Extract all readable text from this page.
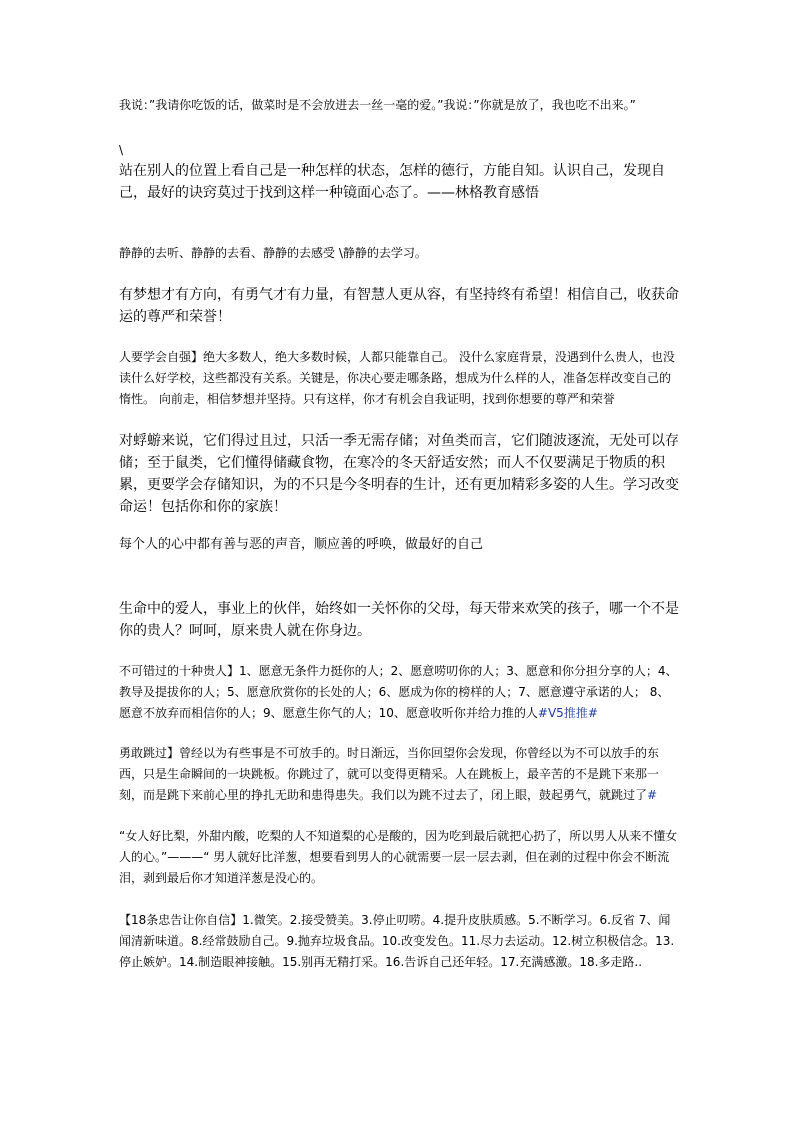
我说：”我请你吃饭的话，做菜时是不会放进去一丝一毫的爱。”我说：”你就是放了，我也吃不出来。”

\

站在别人的位置上看自己是一种怎样的状态，怎样的德行，方能自知。认识自己，发现自己，最好的诀窍莫过于找到这样一种镜面心态了。——林格教育感悟

静静的去听、静静的去看、静静的去感受 \静静的去学习。

有梦想才有方向，有勇气才有力量，有智慧人更从容，有坚持终有希望！相信自己，收获命运的尊严和荣誉！

人要学会自强】绝大多数人，绝大多数时候，人都只能靠自己。 没什么家庭背景，没遇到什么贵人，也没读什么好学校，这些都没有关系。关键是，你决心要走哪条路，想成为什么样的人，准备怎样改变自己的惰性。 向前走，相信梦想并坚持。只有这样，你才有机会自我证明，找到你想要的尊严和荣誉

对蜉蝣来说，它们得过且过，只活一季无需存储；对鱼类而言，它们随波逐流，无处可以存储；至于鼠类，它们懂得储藏食物，在寒冷的冬天舒适安然；而人不仅要满足于物质的积累，更要学会存储知识，为的不只是今冬明春的生计，还有更加精彩多姿的人生。学习改变命运！包括你和你的家族！

每个人的心中都有善与恶的声音，顺应善的呼唤，做最好的自己

生命中的爱人，事业上的伙伴，始终如一关怀你的父母，每天带来欢笑的孩子，哪一个不是你的贵人？呵呵，原来贵人就在你身边。

不可错过的十种贵人】1、愿意无条件力挺你的人；2、愿意唠叨你的人；3、愿意和你分担分享的人；4、教导及提拔你的人；5、愿意欣赏你的长处的人；6、愿成为你的榜样的人；7、愿意遵守承诺的人； 8、愿意不放弃而相信你的人；9、愿意生你气的人；10、愿意收听你并给力推的人#V5推推#

勇敢跳过】曾经以为有些事是不可放手的。时日渐远，当你回望你会发现，你曾经以为不可以放手的东西，只是生命瞬间的一块跳板。你跳过了，就可以变得更精采。人在跳板上，最辛苦的不是跳下来那一刻，而是跳下来前心里的挣扎无助和患得患失。我们以为跳不过去了，闭上眼，鼓起勇气，就跳过了#

“女人好比梨，外甜内酸，吃梨的人不知道梨的心是酸的，因为吃到最后就把心扔了，所以男人从来不懂女人的心。”———“ 男人就好比洋葱，想要看到男人的心就需要一层一层去剥，但在剥的过程中你会不断流泪，剥到最后你才知道洋葱是没心的。

【18条忠告让你自信】1.微笑。2.接受赞美。3.停止叨唠。4.提升皮肤质感。5.不断学习。6.反省 7、闻闻清新味道。8.经常鼓励自己。9.抛弃垃圾食品。10.改变发色。11.尽力去运动。12.树立积极信念。13.停止嫉妒。14.制造眼神接触。15.别再无精打采。16.告诉自己还年轻。17.充满感激。18.多走路..
